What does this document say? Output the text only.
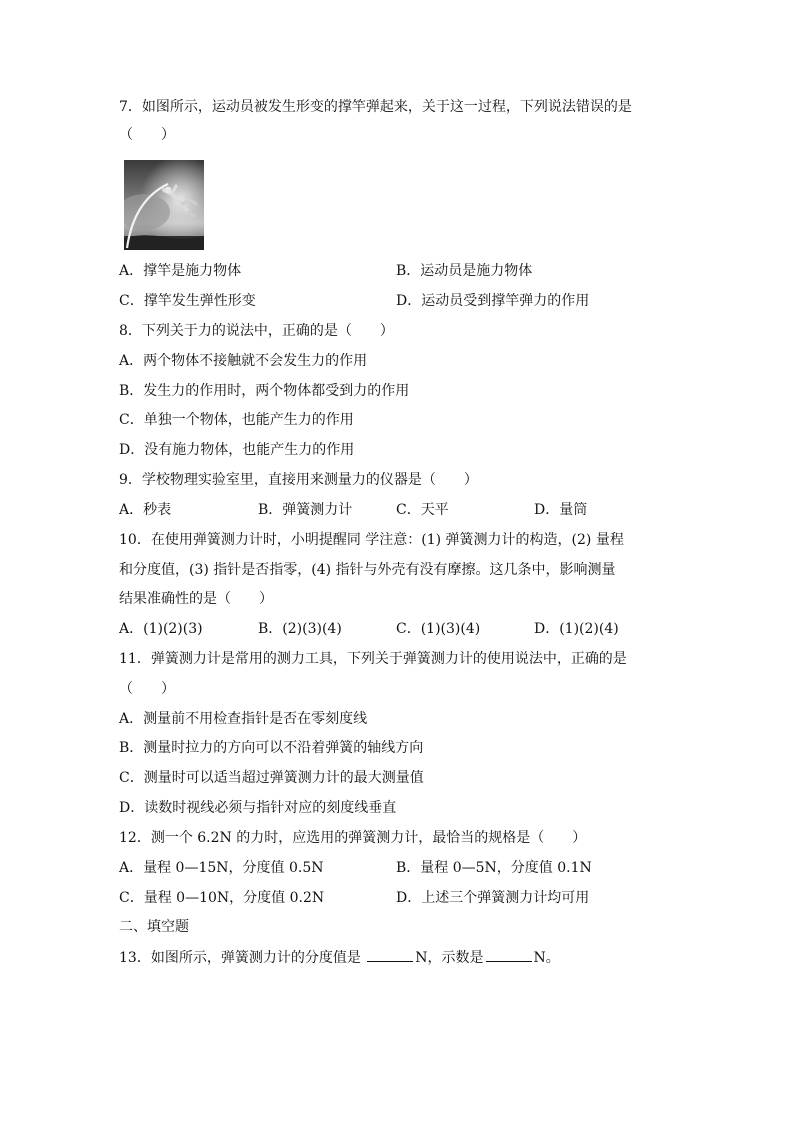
7．如图所示，运动员被发生形变的撑竿弹起来，关于这一过程，下列说法错误的是
（　　）
A．撑竿是施力物体	B．运动员是施力物体
C．撑竿发生弹性形变	D．运动员受到撑竿弹力的作用
8．下列关于力的说法中，正确的是（　　）
A．两个物体不接触就不会发生力的作用
B．发生力的作用时，两个物体都受到力的作用
C．单独一个物体，也能产生力的作用
D．没有施力物体，也能产生力的作用
9．学校物理实验室里，直接用来测量力的仪器是（　　）
A．秒表	B．弹簧测力计	C．天平	D．量筒
10．在使用弹簧测力计时，小明提醒同 学注意：(1) 弹簧测力计的构造，(2) 量程
和分度值，(3) 指针是否指零，(4) 指针与外壳有没有摩擦。这几条中，影响测量
结果准确性的是（　　）
A．(1)(2)(3)	B．(2)(3)(4)	C．(1)(3)(4)	D．(1)(2)(4)
11．弹簧测力计是常用的测力工具，下列关于弹簧测力计的使用说法中，正确的是
（　　）
A．测量前不用检查指针是否在零刻度线
B．测量时拉力的方向可以不沿着弹簧的轴线方向
C．测量时可以适当超过弹簧测力计的最大测量值
D．读数时视线必须与指针对应的刻度线垂直
12．测一个 6.2N 的力时，应选用的弹簧测力计，最恰当的规格是（　　）
A．量程 0—15N，分度值 0.5N	B．量程 0—5N，分度值 0.1N
C．量程 0—10N，分度值 0.2N	D．上述三个弹簧测力计均可用
二、填空题
13．如图所示，弹簧测力计的分度值是	N，示数是	N。
